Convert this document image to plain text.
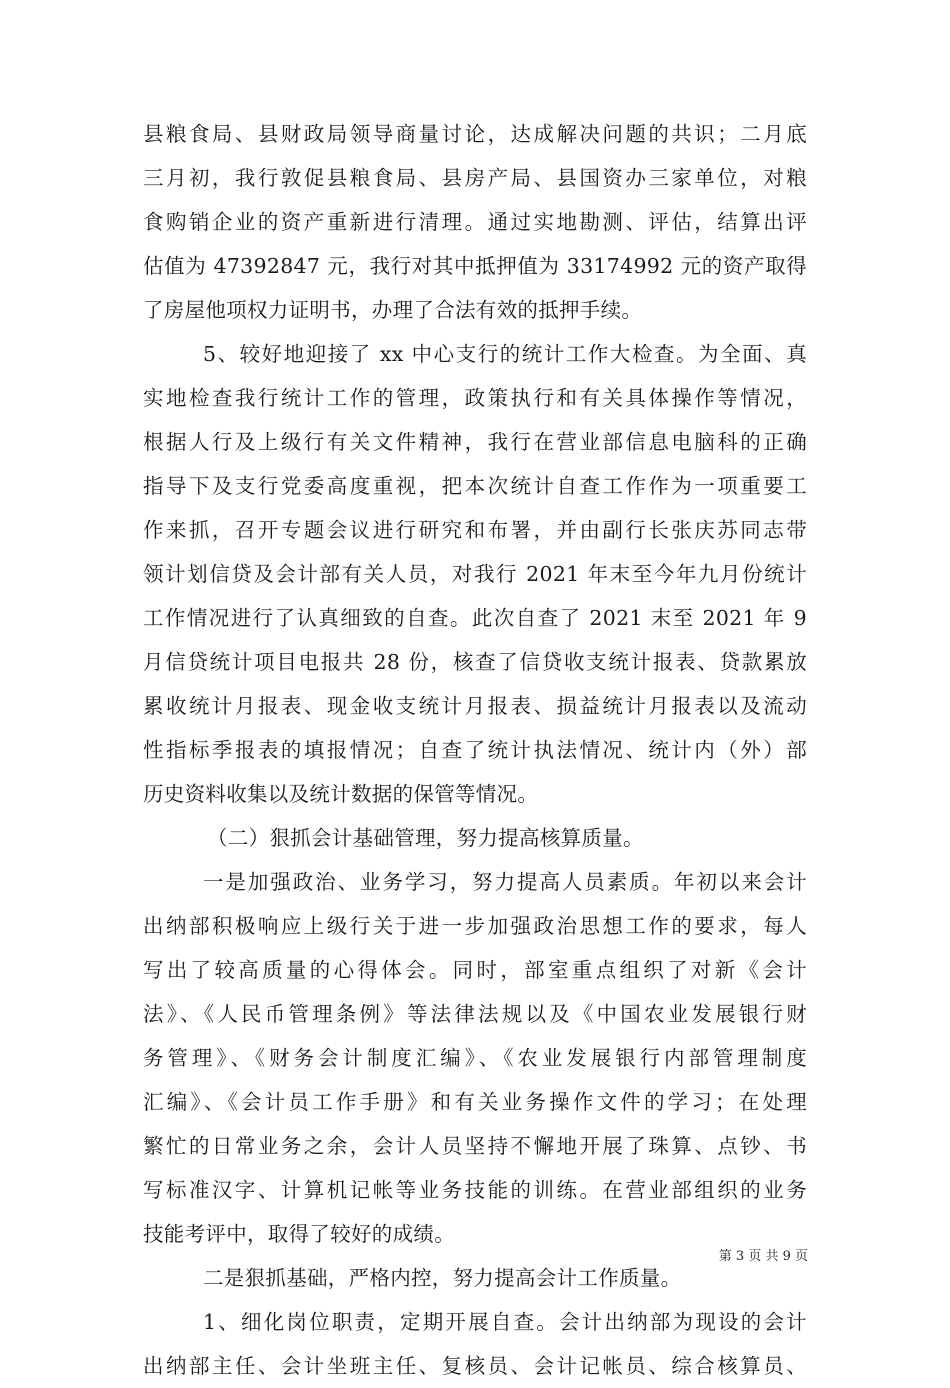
县粮食局、县财政局领导商量讨论，达成解决问题的共识；二月底
三月初，我行敦促县粮食局、县房产局、县国资办三家单位，对粮
食购销企业的资产重新进行清理。通过实地勘测、评估，结算出评
估值为 47392847 元，我行对其中抵押值为 33174992 元的资产取得
了房屋他项权力证明书，办理了合法有效的抵押手续。
5、较好地迎接了 xx 中心支行的统计工作大检查。为全面、真
实地检查我行统计工作的管理，政策执行和有关具体操作等情况，
根据人行及上级行有关文件精神，我行在营业部信息电脑科的正确
指导下及支行党委高度重视，把本次统计自查工作作为一项重要工
作来抓，召开专题会议进行研究和布署，并由副行长张庆苏同志带
领计划信贷及会计部有关人员，对我行 2021 年末至今年九月份统计
工作情况进行了认真细致的自查。此次自查了 2021 末至 2021 年 9
月信贷统计项目电报共 28 份，核查了信贷收支统计报表、贷款累放
累收统计月报表、现金收支统计月报表、损益统计月报表以及流动
性指标季报表的填报情况；自查了统计执法情况、统计内（外）部
历史资料收集以及统计数据的保管等情况。
（二）狠抓会计基础管理，努力提高核算质量。
一是加强政治、业务学习，努力提高人员素质。年初以来会计
出纳部积极响应上级行关于进一步加强政治思想工作的要求，每人
写出了较高质量的心得体会。同时，部室重点组织了对新《会计
法》、《人民币管理条例》等法律法规以及《中国农业发展银行财
务管理》、《财务会计制度汇编》、《农业发展银行内部管理制度
汇编》、《会计员工作手册》和有关业务操作文件的学习；在处理
繁忙的日常业务之余，会计人员坚持不懈地开展了珠算、点钞、书
写标准汉字、计算机记帐等业务技能的训练。在营业部组织的业务
技能考评中，取得了较好的成绩。
二是狠抓基础，严格内控，努力提高会计工作质量。
1、细化岗位职责，定期开展自查。会计出纳部为现设的会计
出纳部主任、会计坐班主任、复核员、会计记帐员、综合核算员、
第 3 页 共 9 页
